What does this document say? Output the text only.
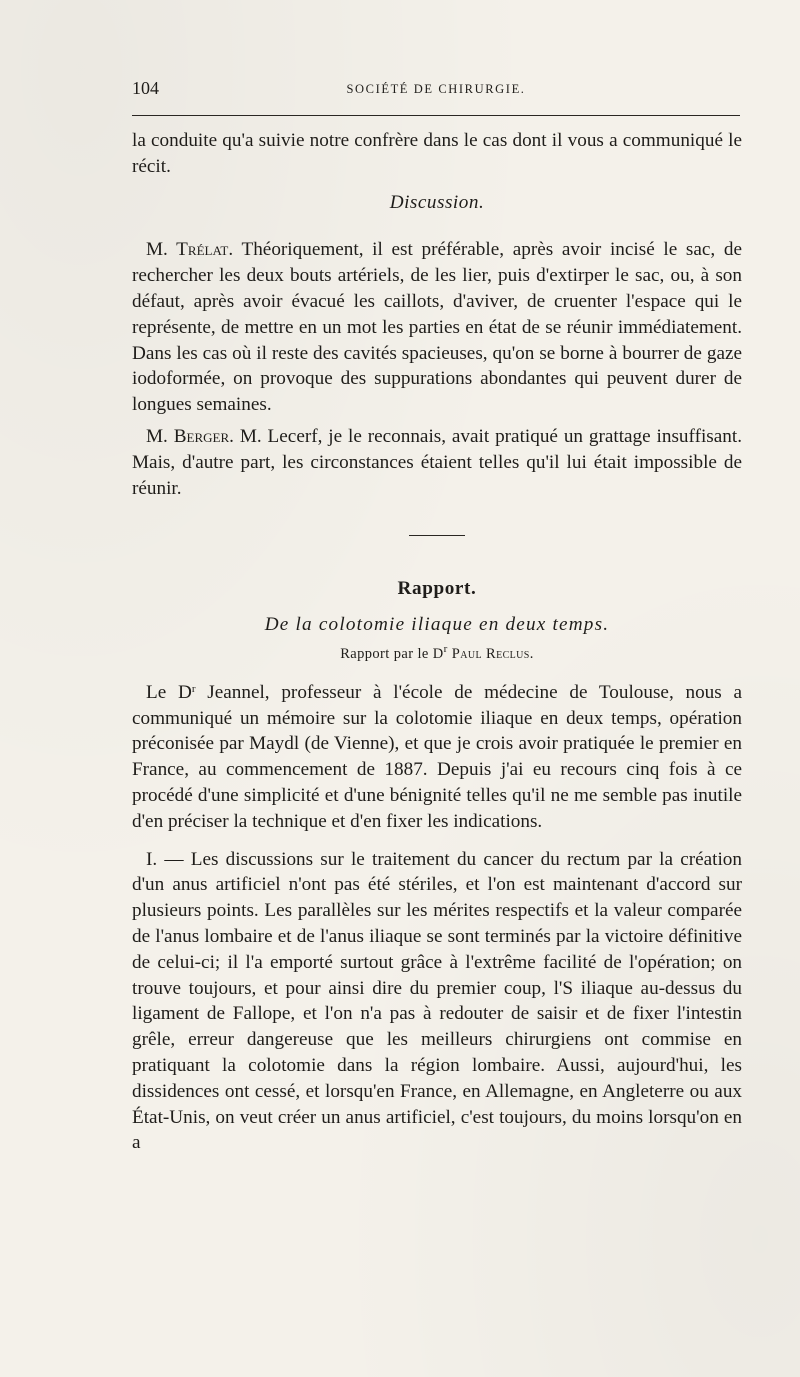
104	SOCIÉTÉ DE CHIRURGIE.

la conduite qu'a suivie notre confrère dans le cas dont il vous a communiqué le récit.

Discussion.

M. Trélat. Théoriquement, il est préférable, après avoir incisé le sac, de rechercher les deux bouts artériels, de les lier, puis d'extirper le sac, ou, à son défaut, après avoir évacué les caillots, d'aviver, de cruenter l'espace qui le représente, de mettre en un mot les parties en état de se réunir immédiatement. Dans les cas où il reste des cavités spacieuses, qu'on se borne à bourrer de gaze iodoformée, on provoque des suppurations abondantes qui peuvent durer de longues semaines.

M. Berger. M. Lecerf, je le reconnais, avait pratiqué un grattage insuffisant. Mais, d'autre part, les circonstances étaient telles qu'il lui était impossible de réunir.

Rapport.
De la colotomie iliaque en deux temps.
Rapport par le $D^r$ Paul Reclus.

Le $D^r$ Jeannel, professeur à l'école de médecine de Toulouse, nous a communiqué un mémoire sur la colotomie iliaque en deux temps, opération préconisée par Maydl (de Vienne), et que je crois avoir pratiquée le premier en France, au commencement de 1887. Depuis j'ai eu recours cinq fois à ce procédé d'une simplicité et d'une bénignité telles qu'il ne me semble pas inutile d'en préciser la technique et d'en fixer les indications.

I. — Les discussions sur le traitement du cancer du rectum par la création d'un anus artificiel n'ont pas été stériles, et l'on est maintenant d'accord sur plusieurs points. Les parallèles sur les mérites respectifs et la valeur comparée de l'anus lombaire et de l'anus iliaque se sont terminés par la victoire définitive de celui-ci; il l'a emporté surtout grâce à l'extrême facilité de l'opération; on trouve toujours, et pour ainsi dire du premier coup, l'S iliaque au-dessus du ligament de Fallope, et l'on n'a pas à redouter de saisir et de fixer l'intestin grêle, erreur dangereuse que les meilleurs chirurgiens ont commise en pratiquant la colotomie dans la région lombaire. Aussi, aujourd'hui, les dissidences ont cessé, et lorsqu'en France, en Allemagne, en Angleterre ou aux État-Unis, on veut créer un anus artificiel, c'est toujours, du moins lorsqu'on en a
